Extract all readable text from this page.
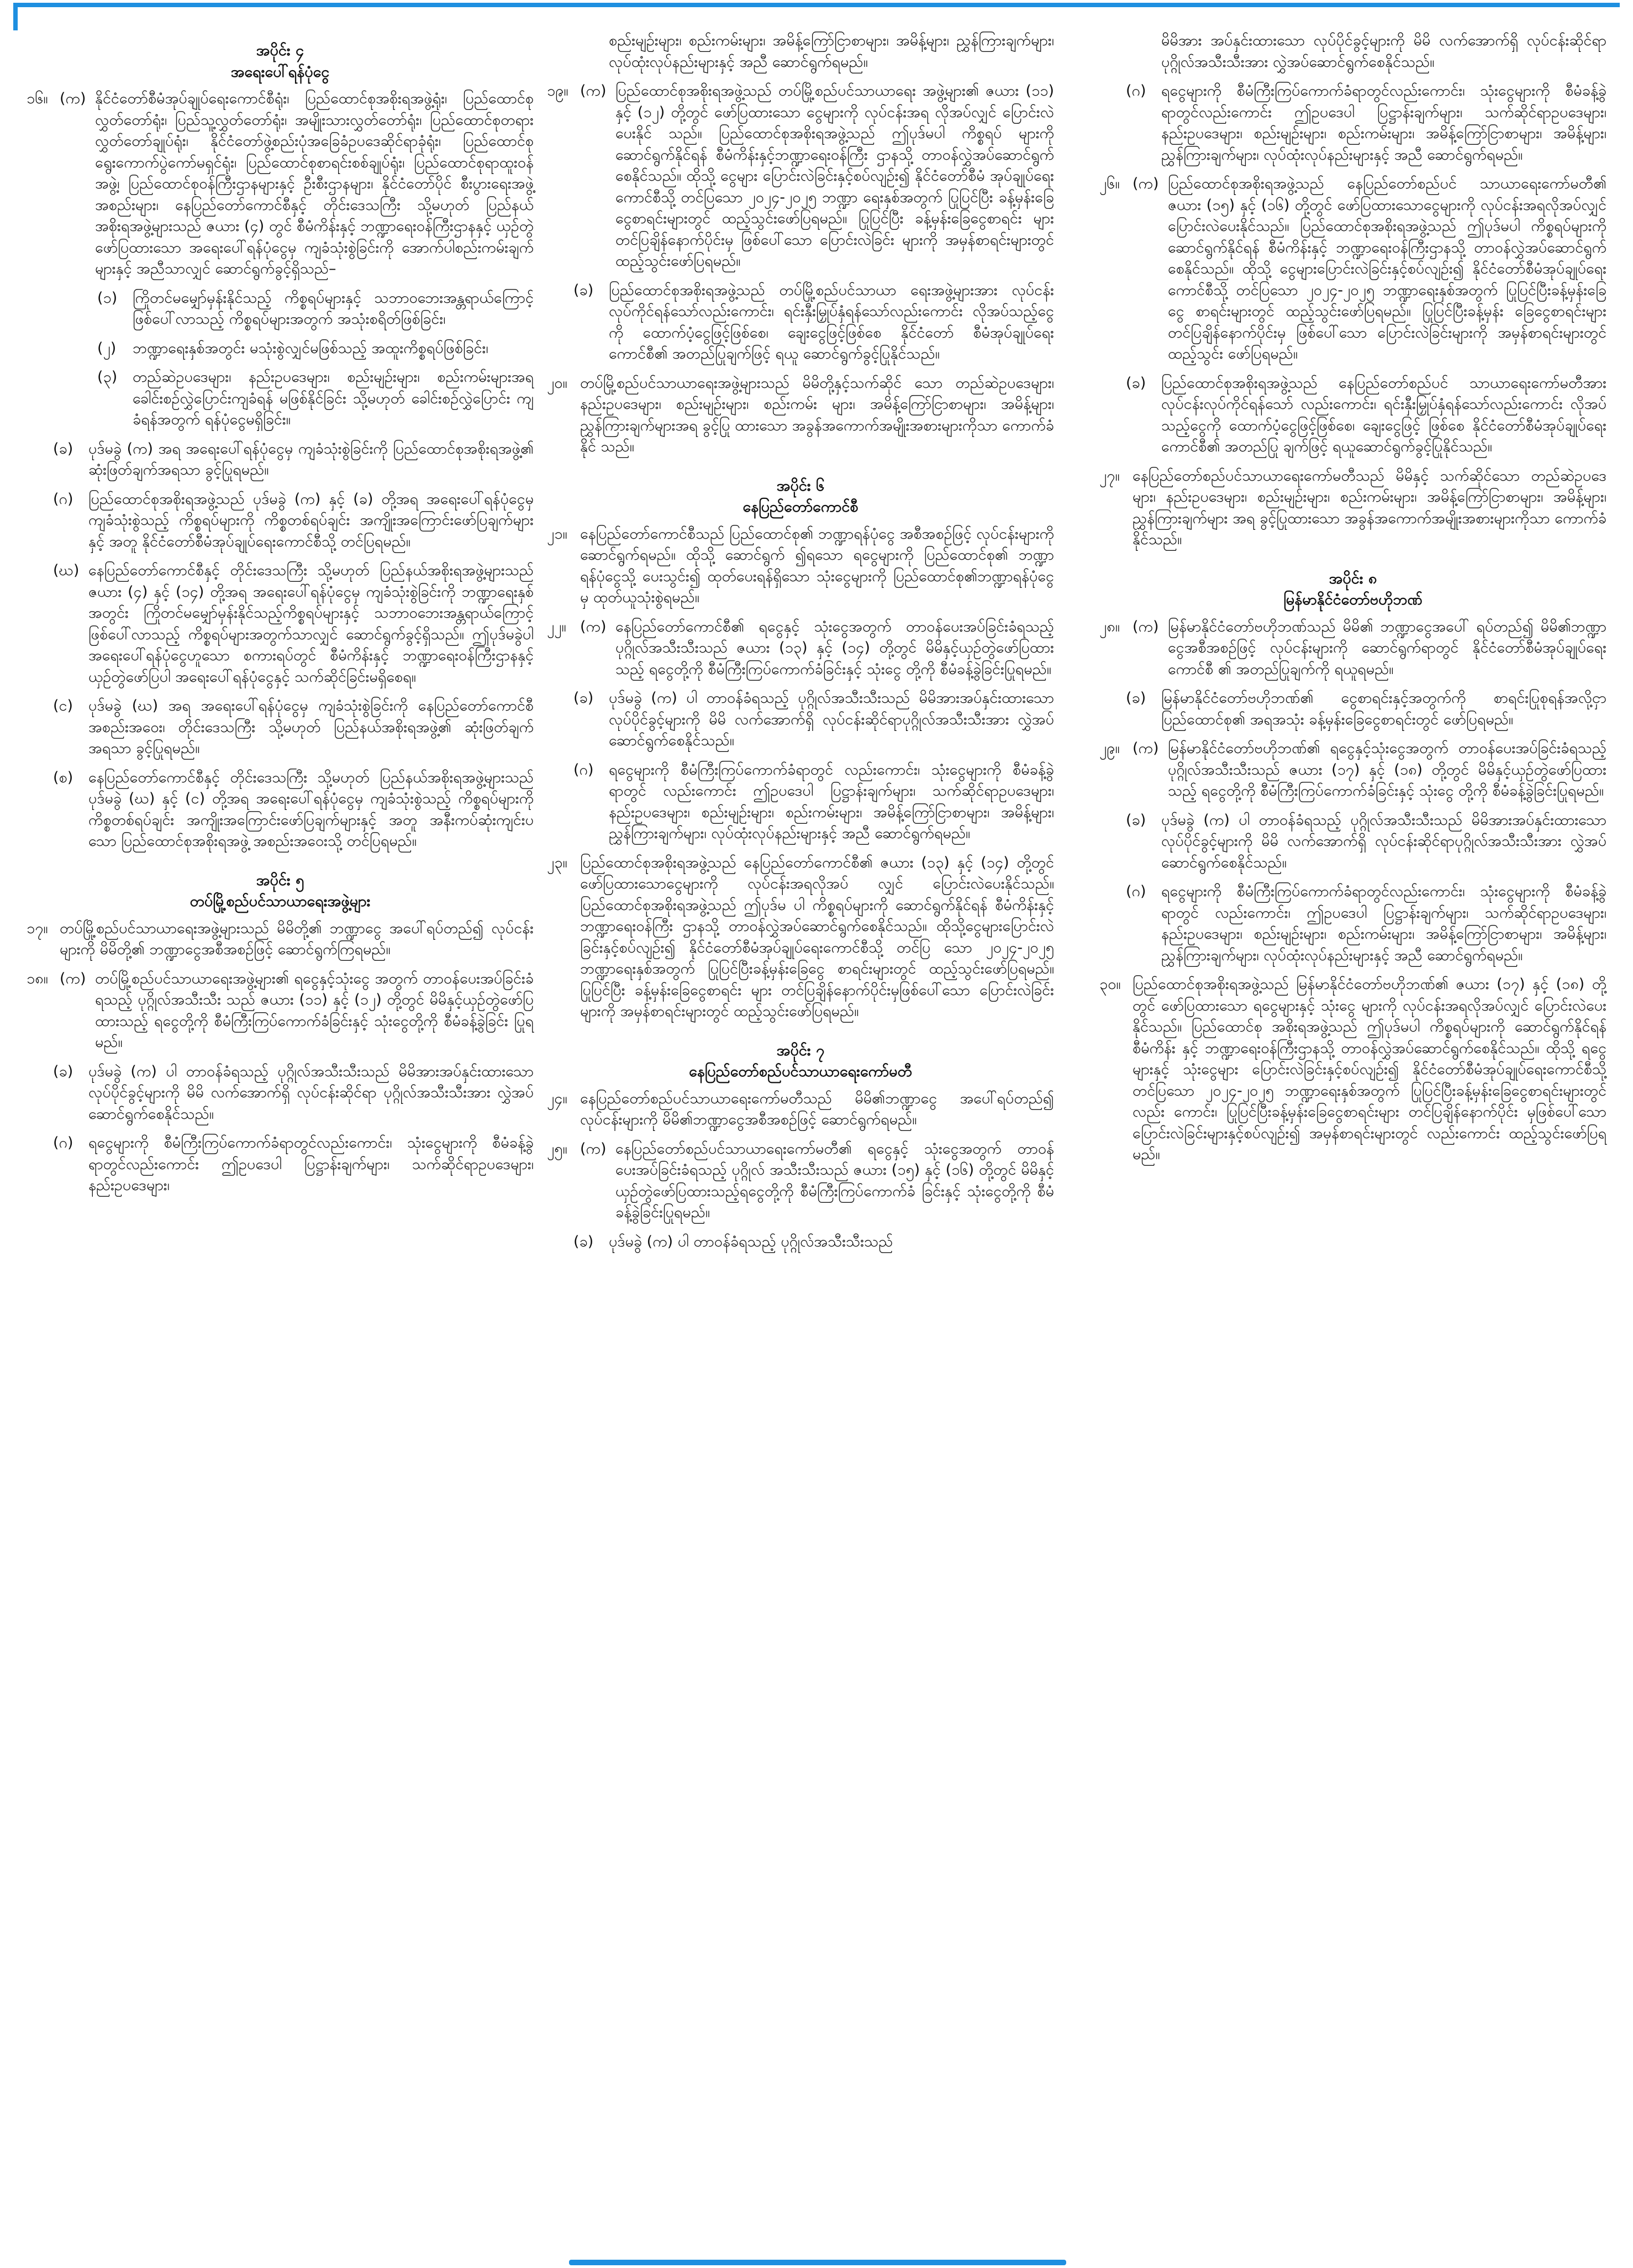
အပိုင်း ၄
အရေးပေါ်ရန်ပုံငွေ
၁၆။ (က) နိုင်ငံတော်စီမံအုပ်ချုပ်ရေးကောင်စီရုံး၊ ပြည်ထောင်စုအစိုးရအဖွဲ့ရုံး၊ ပြည်ထောင်စုလွှတ်တော်ရုံး၊ ပြည်သူ့လွှတ်တော်ရုံး၊ အမျိုးသားလွှတ်တော်ရုံး၊ ပြည်ထောင်စုတရားလွှတ်တော်ချုပ်ရုံး၊ နိုင်ငံတော်ဖွဲ့စည်းပုံအခြေခံဥပဒေဆိုင်ရာခုံရုံး၊ ပြည်ထောင်စုရွေးကောက်ပွဲကော်မရှင်ရုံး၊ ပြည်ထောင်စုစာရင်းစစ်ချုပ်ရုံး၊ ပြည်ထောင်စုရာထူးဝန်အဖွဲ့၊ ပြည်ထောင်စုဝန်ကြီးဌာနများနှင့် ဦးစီးဌာနများ၊ နိုင်ငံတော်ပိုင် စီးပွားရေးအဖွဲ့အစည်းများ၊ နေပြည်တော်ကောင်စီနှင့် တိုင်းဒေသကြီး သို့မဟုတ် ပြည်နယ်အစိုးရအဖွဲ့များသည် ဇယား (၄) တွင် စီမံကိန်းနှင့် ဘဏ္ဍာရေးဝန်ကြီးဌာနနှင့် ယှဉ်တွဲဖော်ပြထားသော အရေးပေါ်ရန်ပုံငွေမှ ကျခံသုံးစွဲခြင်းကို အောက်ပါစည်းကမ်းချက်များနှင့် အညီသာလျှင် ဆောင်ရွက်ခွင့်ရှိသည်–
(၁)	ကြိုတင်မမျှော်မှန်းနိုင်သည့် ကိစ္စရပ်များနှင့် သဘာဝဘေးအန္တရာယ်ကြောင့် ဖြစ်ပေါ်လာသည့် ကိစ္စရပ်များအတွက် အသုံးစရိတ်ဖြစ်ခြင်း၊
(၂)	ဘဏ္ဍာရေးနှစ်အတွင်း မသုံးစွဲလျှင်မဖြစ်သည့် အထူးကိစ္စရပ်ဖြစ်ခြင်း၊
(၃)	တည်ဆဲဥပဒေများ၊ နည်းဥပဒေများ၊ စည်းမျဉ်းများ၊ စည်းကမ်းများအရ ခေါင်းစဉ်လွှဲပြောင်းကျခံရန် မဖြစ်နိုင်ခြင်း သို့မဟုတ် ခေါင်းစဉ်လွှဲပြောင်း ကျခံရန်အတွက် ရန်ပုံငွေမရှိခြင်း။
(ခ)	ပုဒ်မခွဲ (က) အရ အရေးပေါ်ရန်ပုံငွေမှ ကျခံသုံးစွဲခြင်းကို ပြည်ထောင်စုအစိုးရအဖွဲ့၏ ဆုံးဖြတ်ချက်အရသာ ခွင့်ပြုရမည်။
(ဂ)	ပြည်ထောင်စုအစိုးရအဖွဲ့သည် ပုဒ်မခွဲ (က) နှင့် (ခ) တို့အရ အရေးပေါ်ရန်ပုံငွေမှ ကျခံသုံးစွဲသည့် ကိစ္စရပ်များကို ကိစ္စတစ်ရပ်ချင်း အကျိုးအကြောင်းဖော်ပြချက်များနှင့် အတူ နိုင်ငံတော်စီမံအုပ်ချုပ်ရေးကောင်စီသို့ တင်ပြရမည်။
(ဃ) နေပြည်တော်ကောင်စီနှင့် တိုင်းဒေသကြီး သို့မဟုတ် ပြည်နယ်အစိုးရအဖွဲ့များသည် ဇယား (၄) နှင့် (၁၄) တို့အရ အရေးပေါ်ရန်ပုံငွေမှ ကျခံသုံးစွဲခြင်းကို ဘဏ္ဍာရေးနှစ်အတွင်း ကြိုတင်မမျှော်မှန်းနိုင်သည့်ကိစ္စရပ်များနှင့် သဘာဝဘေးအန္တရာယ်ကြောင့် ဖြစ်ပေါ်လာသည့် ကိစ္စရပ်များအတွက်သာလျှင် ဆောင်ရွက်ခွင့်ရှိသည်။ ဤပုဒ်မခွဲပါ အရေးပေါ်ရန်ပုံငွေဟူသော စကားရပ်တွင် စီမံကိန်းနှင့် ဘဏ္ဍာရေးဝန်ကြီးဌာနနှင့် ယှဉ်တွဲဖော်ပြပါ အရေးပေါ်ရန်ပုံငွေနှင့် သက်ဆိုင်ခြင်းမရှိစေရ။
(င)	ပုဒ်မခွဲ (ဃ) အရ အရေးပေါ်ရန်ပုံငွေမှ ကျခံသုံးစွဲခြင်းကို နေပြည်တော်ကောင်စီ အစည်းအဝေး၊ တိုင်းဒေသကြီး သို့မဟုတ် ပြည်နယ်အစိုးရအဖွဲ့၏ ဆုံးဖြတ်ချက်အရသာ ခွင့်ပြုရမည်။
(စ)	နေပြည်တော်ကောင်စီနှင့် တိုင်းဒေသကြီး သို့မဟုတ် ပြည်နယ်အစိုးရအဖွဲ့များသည် ပုဒ်မခွဲ (ဃ) နှင့် (င) တို့အရ အရေးပေါ်ရန်ပုံငွေမှ ကျခံသုံးစွဲသည့် ကိစ္စရပ်များကို ကိစ္စတစ်ရပ်ချင်း အကျိုးအကြောင်းဖော်ပြချက်များနှင့် အတူ အနီးကပ်ဆုံးကျင်းပသော ပြည်ထောင်စုအစိုးရအဖွဲ့ အစည်းအဝေးသို့ တင်ပြရမည်။
အပိုင်း ၅
တပ်မြို့စည်ပင်သာယာရေးအဖွဲ့များ
၁၇။ တပ်မြို့စည်ပင်သာယာရေးအဖွဲ့များသည် မိမိတို့၏ ဘဏ္ဍာငွေ အပေါ်ရပ်တည်၍ လုပ်ငန်းများကို မိမိတို့၏ ဘဏ္ဍာငွေအစီအစဉ်ဖြင့် ဆောင်ရွက်ကြရမည်။
၁၈။ (က) တပ်မြို့စည်ပင်သာယာရေးအဖွဲ့များ၏ ရငွေနှင့်သုံးငွေ အတွက် တာဝန်ပေးအပ်ခြင်းခံရသည့် ပုဂ္ဂိုလ်အသီးသီး သည် ဇယား (၁၁) နှင့် (၁၂) တို့တွင် မိမိနှင့်ယှဉ်တွဲဖော်ပြ ထားသည့် ရငွေတို့ကို စီမံကြီးကြပ်ကောက်ခံခြင်းနှင့် သုံးငွေတို့ကို စီမံခန့်ခွဲခြင်း ပြုရမည်။
(ခ)	ပုဒ်မခွဲ (က) ပါ တာဝန်ခံရသည့် ပုဂ္ဂိုလ်အသီးသီးသည် မိမိအားအပ်နှင်းထားသော လုပ်ပိုင်ခွင့်များကို မိမိ လက်အောက်ရှိ လုပ်ငန်းဆိုင်ရာ ပုဂ္ဂိုလ်အသီးသီးအား လွှဲအပ်ဆောင်ရွက်စေနိုင်သည်။
(ဂ)	ရငွေများကို စီမံကြီးကြပ်ကောက်ခံရာတွင်လည်းကောင်း၊ သုံးငွေများကို စီမံခန့်ခွဲရာတွင်လည်းကောင်း ဤဥပဒေပါ ပြဋ္ဌာန်းချက်များ၊ သက်ဆိုင်ရာဥပဒေများ၊ နည်းဥပဒေများ၊
စည်းမျဉ်းများ၊ စည်းကမ်းများ၊ အမိန့်ကြော်ငြာစာများ၊ အမိန့်များ၊ ညွှန်ကြားချက်များ၊ လုပ်ထုံးလုပ်နည်းများနှင့် အညီ ဆောင်ရွက်ရမည်။
၁၉။ (က) ပြည်ထောင်စုအစိုးရအဖွဲ့သည် တပ်မြို့စည်ပင်သာယာရေး အဖွဲ့များ၏ ဇယား (၁၁) နှင့် (၁၂) တို့တွင် ဖော်ပြထားသော ငွေများကို လုပ်ငန်းအရ လိုအပ်လျှင် ပြောင်းလဲပေးနိုင် သည်။ ပြည်ထောင်စုအစိုးရအဖွဲ့သည် ဤပုဒ်မပါ ကိစ္စရပ် များကို ဆောင်ရွက်နိုင်ရန် စီမံကိန်းနှင့်ဘဏ္ဍာရေးဝန်ကြီး ဌာနသို့ တာဝန်လွှဲအပ်ဆောင်ရွက်စေနိုင်သည်။ ထိုသို့ ငွေများ ပြောင်းလဲခြင်းနှင့်စပ်လျဉ်း၍ နိုင်ငံတော်စီမံ အုပ်ချုပ်ရေးကောင်စီသို့ တင်ပြသော ၂၀၂၄-၂၀၂၅ ဘဏ္ဍာ ရေးနှစ်အတွက် ပြုပြင်ပြီး ခန့်မှန်းခြေငွေစာရင်းများတွင် ထည့်သွင်းဖော်ပြရမည်။ ပြုပြင်ပြီး ခန့်မှန်းခြေငွေစာရင်း များ တင်ပြချိန်နောက်ပိုင်းမှ ဖြစ်ပေါ်သော ပြောင်းလဲခြင်း များကို အမှန်စာရင်းများတွင် ထည့်သွင်းဖော်ပြရမည်။
(ခ)	ပြည်ထောင်စုအစိုးရအဖွဲ့သည် တပ်မြို့စည်ပင်သာယာ ရေးအဖွဲ့များအား လုပ်ငန်းလုပ်ကိုင်ရန်သော်လည်းကောင်း၊ ရင်းနှီးမြှုပ်နှံရန်သော်လည်းကောင်း လိုအပ်သည့်ငွေကို ထောက်ပံ့ငွေဖြင့်ဖြစ်စေ၊ ချေးငွေဖြင့်ဖြစ်စေ နိုင်ငံတော် စီမံအုပ်ချုပ်ရေးကောင်စီ၏ အတည်ပြုချက်ဖြင့် ရယူ ဆောင်ရွက်ခွင့်ပြုနိုင်သည်။
၂၀။ တပ်မြို့စည်ပင်သာယာရေးအဖွဲ့များသည် မိမိတို့နှင့်သက်ဆိုင် သော တည်ဆဲဥပဒေများ၊ နည်းဥပဒေများ၊ စည်းမျဉ်းများ၊ စည်းကမ်း များ၊ အမိန့်ကြော်ငြာစာများ၊ အမိန့်များ၊ ညွှန်ကြားချက်များအရ ခွင့်ပြု ထားသော အခွန်အကောက်အမျိုးအစားများကိုသာ ကောက်ခံနိုင် သည်။
အပိုင်း ၆
နေပြည်တော်ကောင်စီ
၂၁။ နေပြည်တော်ကောင်စီသည် ပြည်ထောင်စု၏ ဘဏ္ဍာရန်ပုံငွေ အစီအစဉ်ဖြင့် လုပ်ငန်းများကို ဆောင်ရွက်ရမည်။ ထိုသို့ ဆောင်ရွက် ၍ရသော ရငွေများကို ပြည်ထောင်စု၏ ဘဏ္ဍာရန်ပုံငွေသို့ ပေးသွင်း၍ ထုတ်ပေးရန်ရှိသော သုံးငွေများကို ပြည်ထောင်စု၏ဘဏ္ဍာရန်ပုံငွေမှ ထုတ်ယူသုံးစွဲရမည်။
၂၂။ (က) နေပြည်တော်ကောင်စီ၏ ရငွေနှင့် သုံးငွေအတွက် တာဝန်ပေးအပ်ခြင်းခံရသည့် ပုဂ္ဂိုလ်အသီးသီးသည် ဇယား (၁၃) နှင့် (၁၄) တို့တွင် မိမိနှင့်ယှဉ်တွဲဖော်ပြထား သည့် ရငွေတို့ကို စီမံကြီးကြပ်ကောက်ခံခြင်းနှင့် သုံးငွေ တို့ကို စီမံခန့်ခွဲခြင်းပြုရမည်။
(ခ)	ပုဒ်မခွဲ (က) ပါ တာဝန်ခံရသည့် ပုဂ္ဂိုလ်အသီးသီးသည် မိမိအားအပ်နှင်းထားသော လုပ်ပိုင်ခွင့်များကို မိမိ လက်အောက်ရှိ လုပ်ငန်းဆိုင်ရာပုဂ္ဂိုလ်အသီးသီးအား လွှဲအပ်ဆောင်ရွက်စေနိုင်သည်။
(ဂ)	ရငွေများကို စီမံကြီးကြပ်ကောက်ခံရာတွင် လည်းကောင်း၊ သုံးငွေများကို စီမံခန့်ခွဲရာတွင် လည်းကောင်း ဤဥပဒေပါ ပြဋ္ဌာန်းချက်များ၊ သက်ဆိုင်ရာဥပဒေများ၊ နည်းဥပဒေများ၊ စည်းမျဉ်းများ၊ စည်းကမ်းများ၊ အမိန့်ကြော်ငြာစာများ၊ အမိန့်များ၊ ညွှန်ကြားချက်များ၊ လုပ်ထုံးလုပ်နည်းများနှင့် အညီ ဆောင်ရွက်ရမည်။
၂၃။ ပြည်ထောင်စုအစိုးရအဖွဲ့သည် နေပြည်တော်ကောင်စီ၏ ဇယား (၁၃) နှင့် (၁၄) တို့တွင် ဖော်ပြထားသောငွေများကို လုပ်ငန်းအရလိုအပ် လျှင် ပြောင်းလဲပေးနိုင်သည်။ ပြည်ထောင်စုအစိုးရအဖွဲ့သည် ဤပုဒ်မ ပါ ကိစ္စရပ်များကို ဆောင်ရွက်နိုင်ရန် စီမံကိန်းနှင့်ဘဏ္ဍာရေးဝန်ကြီး ဌာနသို့ တာဝန်လွှဲအပ်ဆောင်ရွက်စေနိုင်သည်။ ထိုသို့ငွေများပြောင်းလဲ ခြင်းနှင့်စပ်လျဉ်း၍ နိုင်ငံတော်စီမံအုပ်ချုပ်ရေးကောင်စီသို့ တင်ပြ သော ၂၀၂၄-၂၀၂၅ ဘဏ္ဍာရေးနှစ်အတွက် ပြုပြင်ပြီးခန့်မှန်းခြေငွေ စာရင်းများတွင် ထည့်သွင်းဖော်ပြရမည်။ ပြုပြင်ပြီး ခန့်မှန်းခြေငွေစာရင်း များ တင်ပြချိန်နောက်ပိုင်းမှဖြစ်ပေါ်သော ပြောင်းလဲခြင်းများကို အမှန်စာရင်းများတွင် ထည့်သွင်းဖော်ပြရမည်။
အပိုင်း ၇
နေပြည်တော်စည်ပင်သာယာရေးကော်မတီ
၂၄။ နေပြည်တော်စည်ပင်သာယာရေးကော်မတီသည် မိမိ၏ဘဏ္ဍာငွေ အပေါ်ရပ်တည်၍ လုပ်ငန်းများကို မိမိ၏ဘဏ္ဍာငွေအစီအစဉ်ဖြင့် ဆောင်ရွက်ရမည်။
၂၅။ (က) နေပြည်တော်စည်ပင်သာယာရေးကော်မတီ၏ ရငွေနှင့် သုံးငွေအတွက် တာဝန်ပေးအပ်ခြင်းခံရသည့် ပုဂ္ဂိုလ် အသီးသီးသည် ဇယား (၁၅) နှင့် (၁၆) တို့တွင် မိမိနှင့် ယှဉ်တွဲဖော်ပြထားသည့်ရငွေတို့ကို စီမံကြီးကြပ်ကောက်ခံ ခြင်းနှင့် သုံးငွေတို့ကို စီမံခန့်ခွဲခြင်းပြုရမည်။
(ခ)	ပုဒ်မခွဲ (က) ပါ တာဝန်ခံရသည့် ပုဂ္ဂိုလ်အသီးသီးသည်
မိမိအား အပ်နှင်းထားသော လုပ်ပိုင်ခွင့်များကို မိမိ လက်အောက်ရှိ လုပ်ငန်းဆိုင်ရာပုဂ္ဂိုလ်အသီးသီးအား လွှဲအပ်ဆောင်ရွက်စေနိုင်သည်။
(ဂ)	ရငွေများကို စီမံကြီးကြပ်ကောက်ခံရာတွင်လည်းကောင်း၊ သုံးငွေများကို စီမံခန့်ခွဲရာတွင်လည်းကောင်း ဤဥပဒေပါ ပြဋ္ဌာန်းချက်များ၊ သက်ဆိုင်ရာဥပဒေများ၊ နည်းဥပဒေများ၊ စည်းမျဉ်းများ၊ စည်းကမ်းများ၊ အမိန့်ကြော်ငြာစာများ၊ အမိန့်များ၊ ညွှန်ကြားချက်များ၊ လုပ်ထုံးလုပ်နည်းများနှင့် အညီ ဆောင်ရွက်ရမည်။
၂၆။ (က) ပြည်ထောင်စုအစိုးရအဖွဲ့သည် နေပြည်တော်စည်ပင် သာယာရေးကော်မတီ၏ ဇယား (၁၅) နှင့် (၁၆) တို့တွင် ဖော်ပြထားသောငွေများကို လုပ်ငန်းအရလိုအပ်လျှင် ပြောင်းလဲပေးနိုင်သည်။ ပြည်ထောင်စုအစိုးရအဖွဲ့သည် ဤပုဒ်မပါ ကိစ္စရပ်များကို ဆောင်ရွက်နိုင်ရန် စီမံကိန်းနှင့် ဘဏ္ဍာရေးဝန်ကြီးဌာနသို့ တာဝန်လွှဲအပ်ဆောင်ရွက် စေနိုင်သည်။ ထိုသို့ ငွေများပြောင်းလဲခြင်းနှင့်စပ်လျဉ်း၍ နိုင်ငံတော်စီမံအုပ်ချုပ်ရေးကောင်စီသို့ တင်ပြသော ၂၀၂၄-၂၀၂၅ ဘဏ္ဍာရေးနှစ်အတွက် ပြုပြင်ပြီးခန့်မှန်းခြေငွေ စာရင်းများတွင် ထည့်သွင်းဖော်ပြရမည်။ ပြုပြင်ပြီးခန့်မှန်း ခြေငွေစာရင်းများ တင်ပြချိန်နောက်ပိုင်းမှ ဖြစ်ပေါ်သော ပြောင်းလဲခြင်းများကို အမှန်စာရင်းများတွင် ထည့်သွင်း ဖော်ပြရမည်။
(ခ)	ပြည်ထောင်စုအစိုးရအဖွဲ့သည် နေပြည်တော်စည်ပင် သာယာရေးကော်မတီအား လုပ်ငန်းလုပ်ကိုင်ရန်သော် လည်းကောင်း၊ ရင်းနှီးမြှုပ်နှံရန်သော်လည်းကောင်း လိုအပ်သည့်ငွေကို ထောက်ပံ့ငွေဖြင့်ဖြစ်စေ၊ ချေးငွေဖြင့် ဖြစ်စေ နိုင်ငံတော်စီမံအုပ်ချုပ်ရေးကောင်စီ၏ အတည်ပြု ချက်ဖြင့် ရယူဆောင်ရွက်ခွင့်ပြုနိုင်သည်။
၂၇။ နေပြည်တော်စည်ပင်သာယာရေးကော်မတီသည် မိမိနှင့် သက်ဆိုင်သော တည်ဆဲဥပဒေများ၊ နည်းဥပဒေများ၊ စည်းမျဉ်းများ၊ စည်းကမ်းများ၊ အမိန့်ကြော်ငြာစာများ၊ အမိန့်များ၊ ညွှန်ကြားချက်များ အရ ခွင့်ပြုထားသော အခွန်အကောက်အမျိုးအစားများကိုသာ ကောက်ခံနိုင်သည်။
အပိုင်း ၈
မြန်မာနိုင်ငံတော်ဗဟိုဘဏ်
၂၈။ (က) မြန်မာနိုင်ငံတော်ဗဟိုဘဏ်သည် မိမိ၏ ဘဏ္ဍာငွေအပေါ် ရပ်တည်၍ မိမိ၏ဘဏ္ဍာငွေအစီအစဉ်ဖြင့် လုပ်ငန်းများကို ဆောင်ရွက်ရာတွင် နိုင်ငံတော်စီမံအုပ်ချုပ်ရေးကောင်စီ ၏ အတည်ပြုချက်ကို ရယူရမည်။
(ခ)	မြန်မာနိုင်ငံတော်ဗဟိုဘဏ်၏ ငွေစာရင်းနှင့်အတွက်ကို စာရင်းပြုစုရန်အလို့ငှာ ပြည်ထောင်စု၏ အရအသုံး ခန့်မှန်းခြေငွေစာရင်းတွင် ဖော်ပြရမည်။
၂၉။ (က) မြန်မာနိုင်ငံတော်ဗဟိုဘဏ်၏ ရငွေနှင့်သုံးငွေအတွက် တာဝန်ပေးအပ်ခြင်းခံရသည့် ပုဂ္ဂိုလ်အသီးသီးသည် ဇယား (၁၇) နှင့် (၁၈) တို့တွင် မိမိနှင့်ယှဉ်တွဲဖော်ပြထား သည့် ရငွေတို့ကို စီမံကြီးကြပ်ကောက်ခံခြင်းနှင့် သုံးငွေ တို့ကို စီမံခန့်ခွဲခြင်းပြုရမည်။
(ခ)	ပုဒ်မခွဲ (က) ပါ တာဝန်ခံရသည့် ပုဂ္ဂိုလ်အသီးသီးသည် မိမိအားအပ်နှင်းထားသော လုပ်ပိုင်ခွင့်များကို မိမိ လက်အောက်ရှိ လုပ်ငန်းဆိုင်ရာပုဂ္ဂိုလ်အသီးသီးအား လွှဲအပ်ဆောင်ရွက်စေနိုင်သည်။
(ဂ)	ရငွေများကို စီမံကြီးကြပ်ကောက်ခံရာတွင်လည်းကောင်း၊ သုံးငွေများကို စီမံခန့်ခွဲရာတွင် လည်းကောင်း၊ ဤဥပဒေပါ ပြဋ္ဌာန်းချက်များ၊ သက်ဆိုင်ရာဥပဒေများ၊ နည်းဥပဒေများ၊ စည်းမျဉ်းများ၊ စည်းကမ်းများ၊ အမိန့်ကြော်ငြာစာများ၊ အမိန့်များ၊ ညွှန်ကြားချက်များ၊ လုပ်ထုံးလုပ်နည်းများနှင့် အညီ ဆောင်ရွက်ရမည်။
၃၀။ ပြည်ထောင်စုအစိုးရအဖွဲ့သည် မြန်မာနိုင်ငံတော်ဗဟိုဘဏ်၏ ဇယား (၁၇) နှင့် (၁၈) တို့တွင် ဖော်ပြထားသော ရငွေများနှင့် သုံးငွေ များကို လုပ်ငန်းအရလိုအပ်လျှင် ပြောင်းလဲပေးနိုင်သည်။ ပြည်ထောင်စု အစိုးရအဖွဲ့သည် ဤပုဒ်မပါ ကိစ္စရပ်များကို ဆောင်ရွက်နိုင်ရန် စီမံကိန်း နှင့် ဘဏ္ဍာရေးဝန်ကြီးဌာနသို့ တာဝန်လွှဲအပ်ဆောင်ရွက်စေနိုင်သည်။ ထိုသို့ ရငွေများနှင့် သုံးငွေများ ပြောင်းလဲခြင်းနှင့်စပ်လျဉ်း၍ နိုင်ငံတော်စီမံအုပ်ချုပ်ရေးကောင်စီသို့ တင်ပြသော ၂၀၂၄-၂၀၂၅ ဘဏ္ဍာရေးနှစ်အတွက် ပြုပြင်ပြီးခန့်မှန်းခြေငွေစာရင်းများတွင်လည်း ကောင်း၊ ပြုပြင်ပြီးခန့်မှန်းခြေငွေစာရင်းများ တင်ပြချိန်နောက်ပိုင်း မှဖြစ်ပေါ်သော ပြောင်းလဲခြင်းများနှင့်စပ်လျဉ်း၍ အမှန်စာရင်းများတွင် လည်းကောင်း ထည့်သွင်းဖော်ပြရမည်။
